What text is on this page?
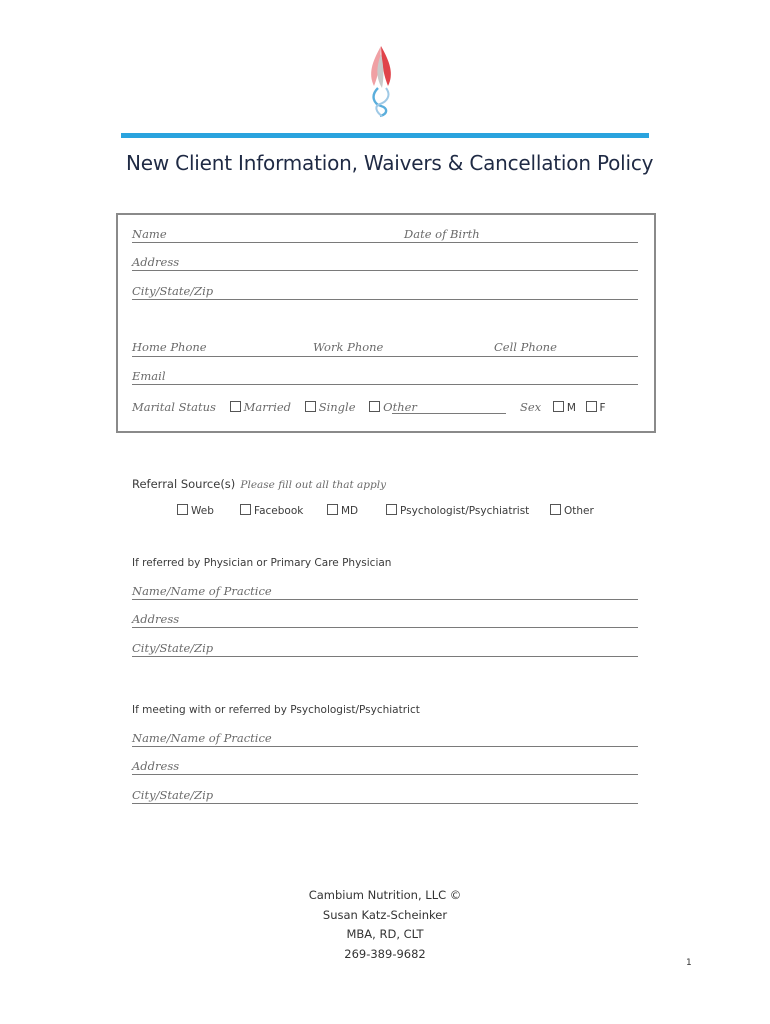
New Client Information, Waivers & Cancellation Policy
Name	Date of Birth
Address
City/State/Zip
Home Phone	Work Phone	Cell Phone
Email
Marital Status Married Single Other	Sex M F
Referral Source(s) Please fill out all that apply
Web	Facebook	MD	Psychologist/Psychiatrist	Other
If referred by Physician or Primary Care Physician
Name/Name of Practice
Address
City/State/Zip
If meeting with or referred by Psychologist/Psychiatrict
Name/Name of Practice
Address
City/State/Zip
Cambium Nutrition, LLC ©
Susan Katz-Scheinker
MBA, RD, CLT
269-389-9682
1
